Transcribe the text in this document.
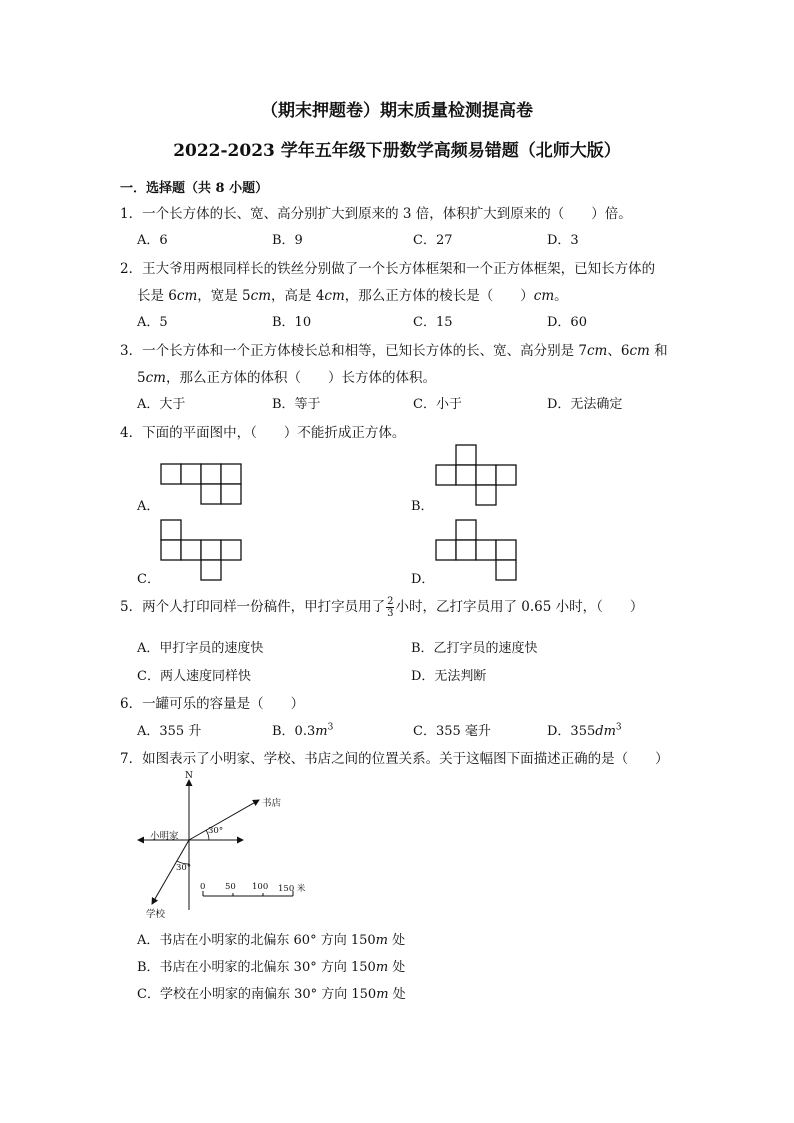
（期末押题卷）期末质量检测提高卷
2022-2023 学年五年级下册数学高频易错题（北师大版）
一．选择题（共 8 小题）
1．一个长方体的长、宽、高分别扩大到原来的 3 倍，体积扩大到原来的（　　）倍。
A．6	B．9	C．27	D．3
2．王大爷用两根同样长的铁丝分别做了一个长方体框架和一个正方体框架，已知长方体的
长是 6cm，宽是 5cm，高是 4cm，那么正方体的棱长是（　　）cm。
A．5	B．10	C．15	D．60
3．一个长方体和一个正方体棱长总和相等，已知长方体的长、宽、高分别是 7cm、6cm 和
5cm，那么正方体的体积（　　）长方体的体积。
A．大于	B．等于	C．小于	D．无法确定
4．下面的平面图中，（　　）不能折成正方体。
A．	B．
C．	D．
5．两个人打印同样一份稿件，甲打字员用了 $\frac{2}{3}$ 小时，乙打字员用了 0.65 小时，（　　）
A．甲打字员的速度快	B．乙打字员的速度快
C．两人速度同样快	D．无法判断
6．一罐可乐的容量是（　　）
A．355 升	B．$0.3m^3$	C．355 毫升	D．$355dm^3$
7．如图表示了小明家、学校、书店之间的位置关系。关于这幅图下面描述正确的是（　　）
N
小明家
书店
学校
30°
30°
0 50 100 150 米
A．书店在小明家的北偏东 60° 方向 150m 处
B．书店在小明家的北偏东 30° 方向 150m 处
C．学校在小明家的南偏东 30° 方向 150m 处
